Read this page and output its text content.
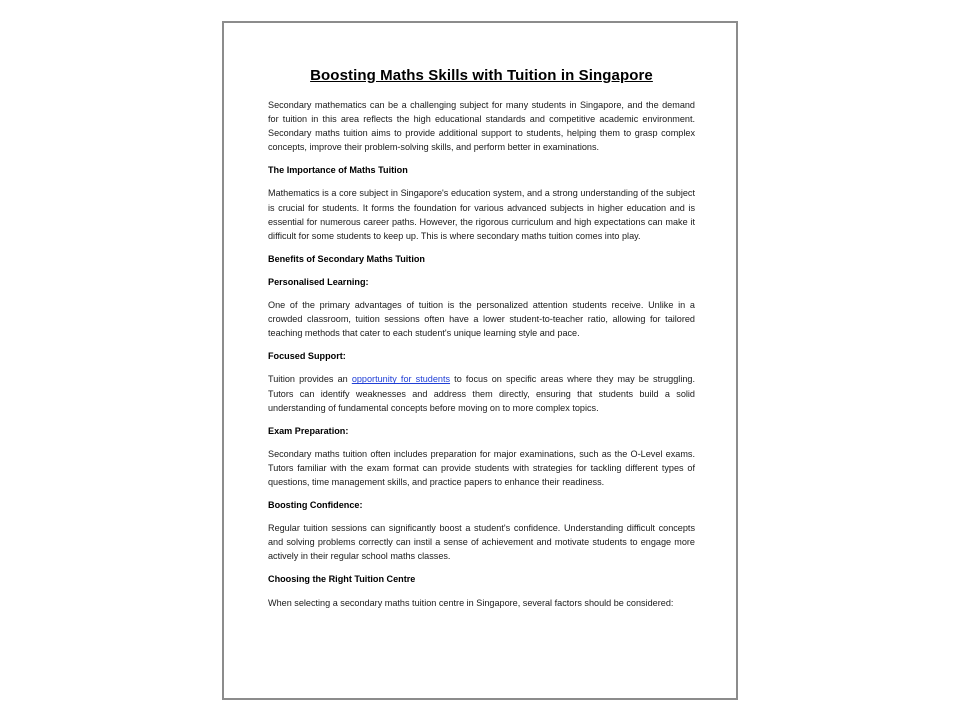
Boosting Maths Skills with Tuition in Singapore

Secondary mathematics can be a challenging subject for many students in Singapore, and the demand for tuition in this area reflects the high educational standards and competitive academic environment. Secondary maths tuition aims to provide additional support to students, helping them to grasp complex concepts, improve their problem-solving skills, and perform better in examinations.

The Importance of Maths Tuition

Mathematics is a core subject in Singapore's education system, and a strong understanding of the subject is crucial for students. It forms the foundation for various advanced subjects in higher education and is essential for numerous career paths. However, the rigorous curriculum and high expectations can make it difficult for some students to keep up. This is where secondary maths tuition comes into play.

Benefits of Secondary Maths Tuition

Personalised Learning:

One of the primary advantages of tuition is the personalized attention students receive. Unlike in a crowded classroom, tuition sessions often have a lower student-to-teacher ratio, allowing for tailored teaching methods that cater to each student's unique learning style and pace.

Focused Support:

Tuition provides an opportunity for students to focus on specific areas where they may be struggling. Tutors can identify weaknesses and address them directly, ensuring that students build a solid understanding of fundamental concepts before moving on to more complex topics.

Exam Preparation:

Secondary maths tuition often includes preparation for major examinations, such as the O-Level exams. Tutors familiar with the exam format can provide students with strategies for tackling different types of questions, time management skills, and practice papers to enhance their readiness.

Boosting Confidence:

Regular tuition sessions can significantly boost a student's confidence. Understanding difficult concepts and solving problems correctly can instil a sense of achievement and motivate students to engage more actively in their regular school maths classes.

Choosing the Right Tuition Centre

When selecting a secondary maths tuition centre in Singapore, several factors should be considered:
